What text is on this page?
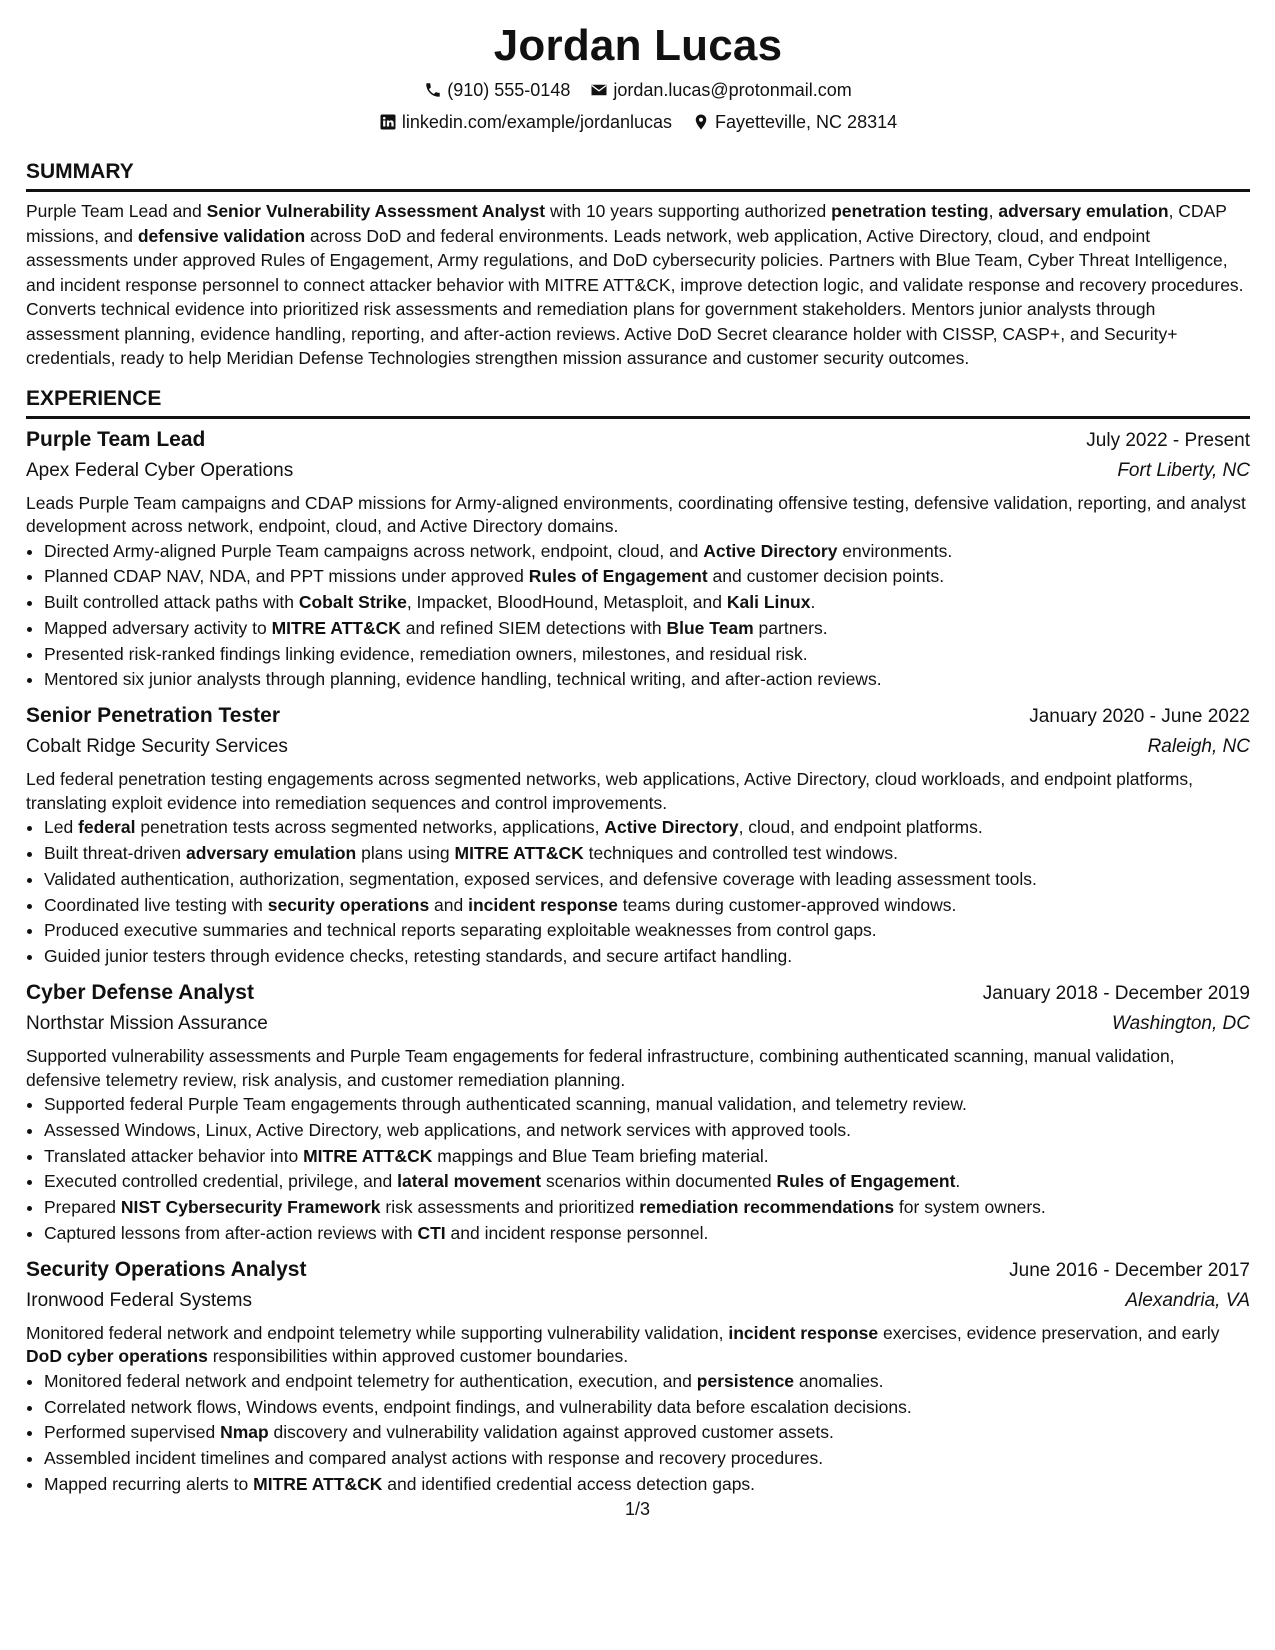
Jordan Lucas
(910) 555-0148 jordan.lucas@protonmail.com
linkedin.com/example/jordanlucas Fayetteville, NC 28314
SUMMARY

Purple Team Lead and Senior Vulnerability Assessment Analyst with 10 years supporting authorized penetration testing, adversary emulation, CDAP missions, and defensive validation across DoD and federal environments. Leads network, web application, Active Directory, cloud, and endpoint assessments under approved Rules of Engagement, Army regulations, and DoD cybersecurity policies. Partners with Blue Team, Cyber Threat Intelligence, and incident response personnel to connect attacker behavior with MITRE ATT&CK, improve detection logic, and validate response and recovery procedures. Converts technical evidence into prioritized risk assessments and remediation plans for government stakeholders. Mentors junior analysts through assessment planning, evidence handling, reporting, and after-action reviews. Active DoD Secret clearance holder with CISSP, CASP+, and Security+ credentials, ready to help Meridian Defense Technologies strengthen mission assurance and customer security outcomes.

EXPERIENCE
Purple Team Lead	July 2022 - Present
Apex Federal Cyber Operations	Fort Liberty, NC

Leads Purple Team campaigns and CDAP missions for Army-aligned environments, coordinating offensive testing, defensive validation, reporting, and analyst development across network, endpoint, cloud, and Active Directory domains.

• Directed Army-aligned Purple Team campaigns across network, endpoint, cloud, and Active Directory environments.
• Planned CDAP NAV, NDA, and PPT missions under approved Rules of Engagement and customer decision points.
• Built controlled attack paths with Cobalt Strike, Impacket, BloodHound, Metasploit, and Kali Linux.
• Mapped adversary activity to MITRE ATT&CK and refined SIEM detections with Blue Team partners.
• Presented risk-ranked findings linking evidence, remediation owners, milestones, and residual risk.
• Mentored six junior analysts through planning, evidence handling, technical writing, and after-action reviews.
Senior Penetration Tester	January 2020 - June 2022
Cobalt Ridge Security Services	Raleigh, NC

Led federal penetration testing engagements across segmented networks, web applications, Active Directory, cloud workloads, and endpoint platforms, translating exploit evidence into remediation sequences and control improvements.

• Led federal penetration tests across segmented networks, applications, Active Directory, cloud, and endpoint platforms.
• Built threat-driven adversary emulation plans using MITRE ATT&CK techniques and controlled test windows.
• Validated authentication, authorization, segmentation, exposed services, and defensive coverage with leading assessment tools.
• Coordinated live testing with security operations and incident response teams during customer-approved windows.
• Produced executive summaries and technical reports separating exploitable weaknesses from control gaps.
• Guided junior testers through evidence checks, retesting standards, and secure artifact handling.
Cyber Defense Analyst	January 2018 - December 2019
Northstar Mission Assurance	Washington, DC

Supported vulnerability assessments and Purple Team engagements for federal infrastructure, combining authenticated scanning, manual validation, defensive telemetry review, risk analysis, and customer remediation planning.

• Supported federal Purple Team engagements through authenticated scanning, manual validation, and telemetry review.
• Assessed Windows, Linux, Active Directory, web applications, and network services with approved tools.
• Translated attacker behavior into MITRE ATT&CK mappings and Blue Team briefing material.
• Executed controlled credential, privilege, and lateral movement scenarios within documented Rules of Engagement.
• Prepared NIST Cybersecurity Framework risk assessments and prioritized remediation recommendations for system owners.
• Captured lessons from after-action reviews with CTI and incident response personnel.
Security Operations Analyst	June 2016 - December 2017
Ironwood Federal Systems	Alexandria, VA

Monitored federal network and endpoint telemetry while supporting vulnerability validation, incident response exercises, evidence preservation, and early DoD cyber operations responsibilities within approved customer boundaries.

• Monitored federal network and endpoint telemetry for authentication, execution, and persistence anomalies.
• Correlated network flows, Windows events, endpoint findings, and vulnerability data before escalation decisions.
• Performed supervised Nmap discovery and vulnerability validation against approved customer assets.
• Assembled incident timelines and compared analyst actions with response and recovery procedures.
• Mapped recurring alerts to MITRE ATT&CK and identified credential access detection gaps.
1/3
